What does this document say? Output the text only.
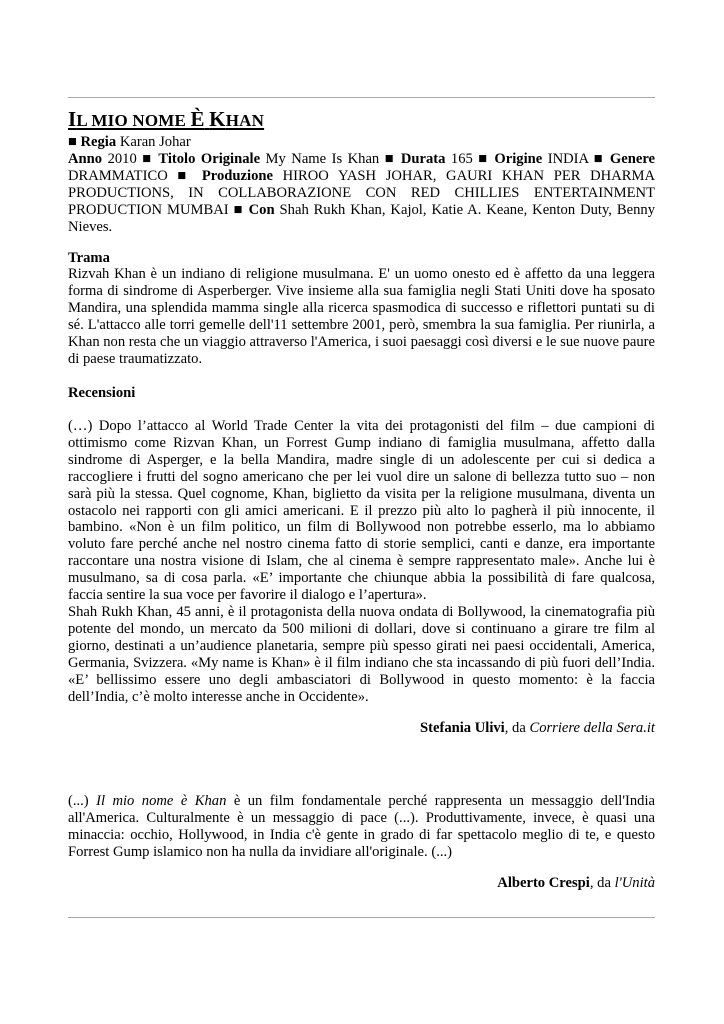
IL MIO NOME È KHAN

■ Regia Karan Johar

Anno 2010 ■ Titolo Originale My Name Is Khan ■ Durata 165 ■ Origine INDIA ■ Genere DRAMMATICO ■ Produzione HIROO YASH JOHAR, GAURI KHAN PER DHARMA PRODUCTIONS, IN COLLABORAZIONE CON RED CHILLIES ENTERTAINMENT PRODUCTION MUMBAI ■ Con Shah Rukh Khan, Kajol, Katie A. Keane, Kenton Duty, Benny Nieves.

Trama
Rizvah Khan è un indiano di religione musulmana. E' un uomo onesto ed è affetto da una leggera forma di sindrome di Asperberger. Vive insieme alla sua famiglia negli Stati Uniti dove ha sposato Mandira, una splendida mamma single alla ricerca spasmodica di successo e riflettori puntati su di sé. L'attacco alle torri gemelle dell'11 settembre 2001, però, smembra la sua famiglia. Per riunirla, a Khan non resta che un viaggio attraverso l'America, i suoi paesaggi così diversi e le sue nuove paure di paese traumatizzato.
Recensioni

(…) Dopo l’attacco al World Trade Center la vita dei protagonisti del film – due campioni di ottimismo come Rizvan Khan, un Forrest Gump indiano di famiglia musulmana, affetto dalla sindrome di Asperger, e la bella Mandira, madre single di un adolescente per cui si dedica a raccogliere i frutti del sogno americano che per lei vuol dire un salone di bellezza tutto suo – non sarà più la stessa. Quel cognome, Khan, biglietto da visita per la religione musulmana, diventa un ostacolo nei rapporti con gli amici americani. E il prezzo più alto lo pagherà il più innocente, il bambino. «Non è un film politico, un film di Bollywood non potrebbe esserlo, ma lo abbiamo voluto fare perché anche nel nostro cinema fatto di storie semplici, canti e danze, era importante raccontare una nostra visione di Islam, che al cinema è sempre rappresentato male». Anche lui è musulmano, sa di cosa parla. «E’ importante che chiunque abbia la possibilità di fare qualcosa, faccia sentire la sua voce per favorire il dialogo e l’apertura».

Shah Rukh Khan, 45 anni, è il protagonista della nuova ondata di Bollywood, la cinematografia più potente del mondo, un mercato da 500 milioni di dollari, dove si continuano a girare tre film al giorno, destinati a un’audience planetaria, sempre più spesso girati nei paesi occidentali, America, Germania, Svizzera. «My name is Khan» è il film indiano che sta incassando di più fuori dell’India. «E’ bellissimo essere uno degli ambasciatori di Bollywood in questo momento: è la faccia dell’India, c’è molto interesse anche in Occidente».

Stefania Ulivi, da Corriere della Sera.it
(...) Il mio nome è Khan è un film fondamentale perché rappresenta un messaggio dell'India all'America. Culturalmente è un messaggio di pace (...). Produttivamente, invece, è quasi una minaccia: occhio, Hollywood, in India c'è gente in grado di far spettacolo meglio di te, e questo Forrest Gump islamico non ha nulla da invidiare all'originale. (...)
Alberto Crespi, da l'Unità
